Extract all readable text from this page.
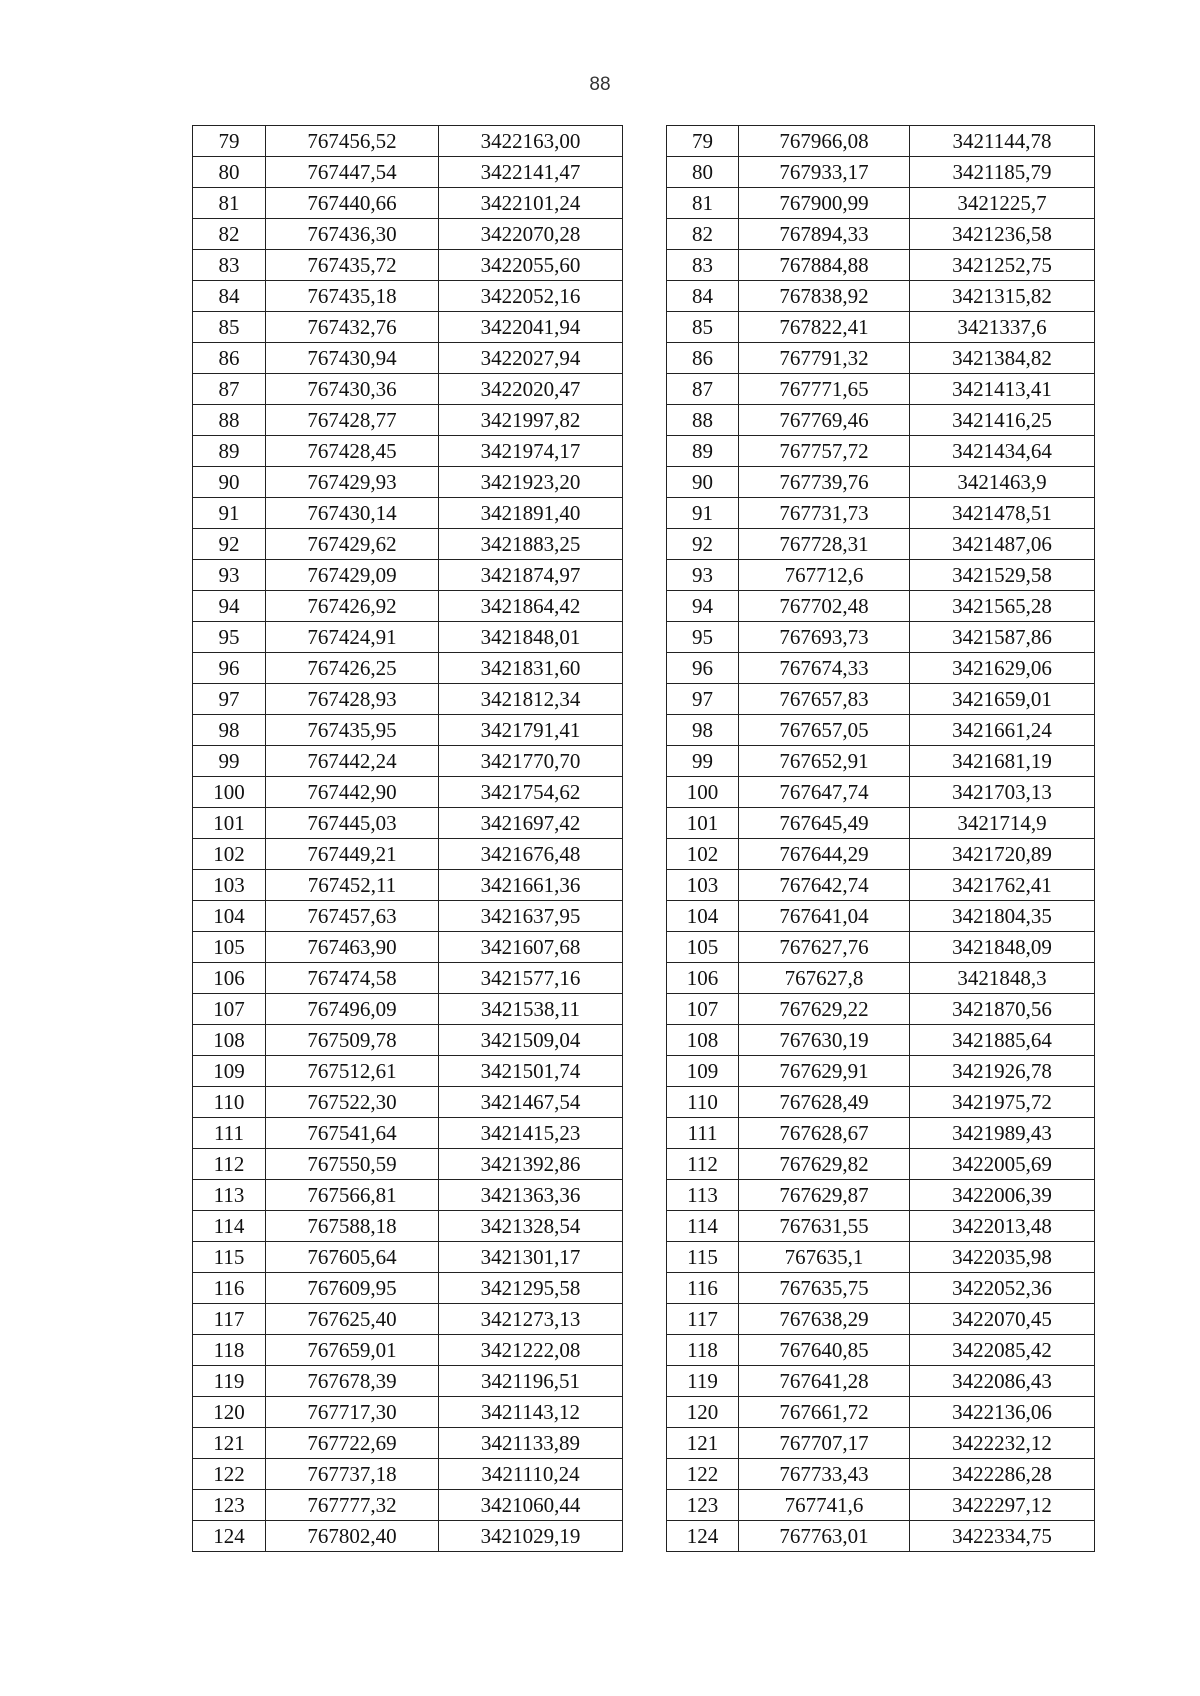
88
79	767456,52	3422163,00
80	767447,54	3422141,47
81	767440,66	3422101,24
82	767436,30	3422070,28
83	767435,72	3422055,60
84	767435,18	3422052,16
85	767432,76	3422041,94
86	767430,94	3422027,94
87	767430,36	3422020,47
88	767428,77	3421997,82
89	767428,45	3421974,17
90	767429,93	3421923,20
91	767430,14	3421891,40
92	767429,62	3421883,25
93	767429,09	3421874,97
94	767426,92	3421864,42
95	767424,91	3421848,01
96	767426,25	3421831,60
97	767428,93	3421812,34
98	767435,95	3421791,41
99	767442,24	3421770,70
100	767442,90	3421754,62
101	767445,03	3421697,42
102	767449,21	3421676,48
103	767452,11	3421661,36
104	767457,63	3421637,95
105	767463,90	3421607,68
106	767474,58	3421577,16
107	767496,09	3421538,11
108	767509,78	3421509,04
109	767512,61	3421501,74
110	767522,30	3421467,54
111	767541,64	3421415,23
112	767550,59	3421392,86
113	767566,81	3421363,36
114	767588,18	3421328,54
115	767605,64	3421301,17
116	767609,95	3421295,58
117	767625,40	3421273,13
118	767659,01	3421222,08
119	767678,39	3421196,51
120	767717,30	3421143,12
121	767722,69	3421133,89
122	767737,18	3421110,24
123	767777,32	3421060,44
124	767802,40	3421029,19
79	767966,08	3421144,78
80	767933,17	3421185,79
81	767900,99	3421225,7
82	767894,33	3421236,58
83	767884,88	3421252,75
84	767838,92	3421315,82
85	767822,41	3421337,6
86	767791,32	3421384,82
87	767771,65	3421413,41
88	767769,46	3421416,25
89	767757,72	3421434,64
90	767739,76	3421463,9
91	767731,73	3421478,51
92	767728,31	3421487,06
93	767712,6	3421529,58
94	767702,48	3421565,28
95	767693,73	3421587,86
96	767674,33	3421629,06
97	767657,83	3421659,01
98	767657,05	3421661,24
99	767652,91	3421681,19
100	767647,74	3421703,13
101	767645,49	3421714,9
102	767644,29	3421720,89
103	767642,74	3421762,41
104	767641,04	3421804,35
105	767627,76	3421848,09
106	767627,8	3421848,3
107	767629,22	3421870,56
108	767630,19	3421885,64
109	767629,91	3421926,78
110	767628,49	3421975,72
111	767628,67	3421989,43
112	767629,82	3422005,69
113	767629,87	3422006,39
114	767631,55	3422013,48
115	767635,1	3422035,98
116	767635,75	3422052,36
117	767638,29	3422070,45
118	767640,85	3422085,42
119	767641,28	3422086,43
120	767661,72	3422136,06
121	767707,17	3422232,12
122	767733,43	3422286,28
123	767741,6	3422297,12
124	767763,01	3422334,75
